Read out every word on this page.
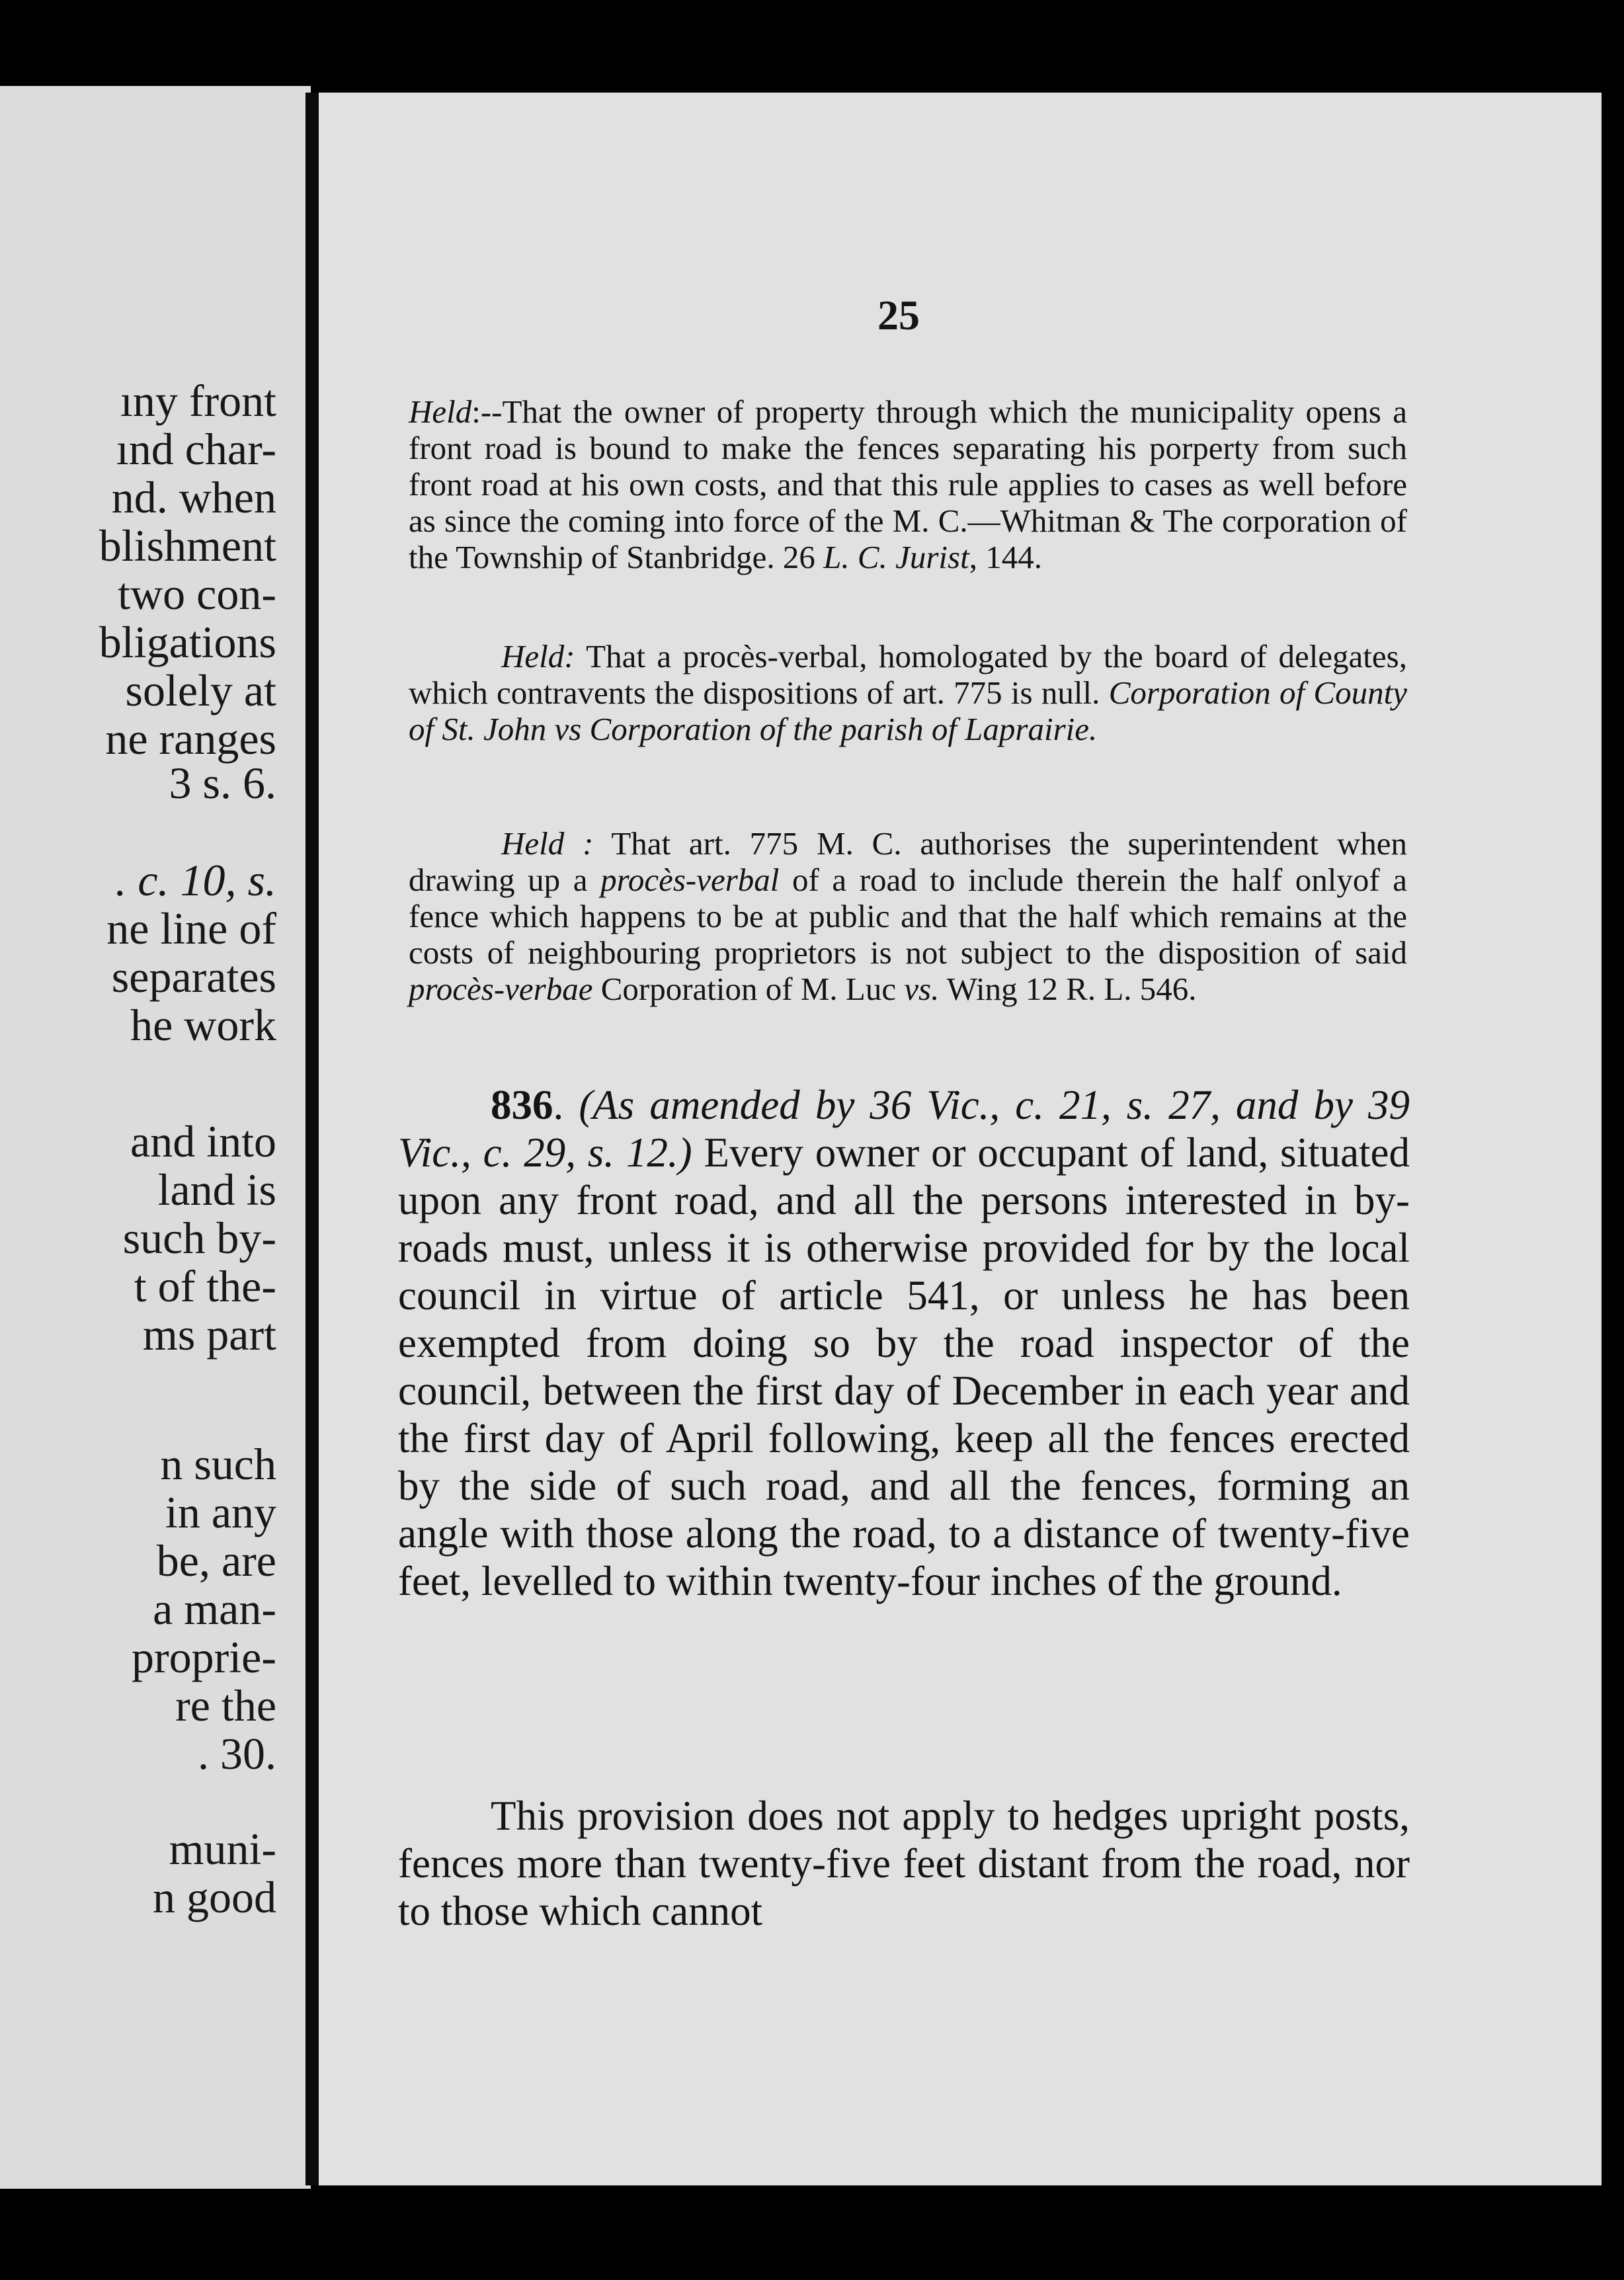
ıny front
ınd char-
nd. when
blishment
two con-
bligations
solely at
ne ranges
3 s. 6.
. c. 10, s.
ne line of
separates
he work
and into
land is
such by-
t of the-
ms part
n such
in any
be, are
a man-
proprie-
re the
. 30.
muni-
n good
25

Held:--That the owner of property through which the municipality opens a front road is bound to make the fences separating his porperty from such front road at his own costs, and that this rule applies to cases as well before as since the coming into force of the M. C.—Whitman & The corporation of the Township of Stanbridge. 26 L. C. Jurist, 144.

Held: That a procès-verbal, homologated by the board of delegates, which contravents the dispositions of art. 775 is null. Corporation of County of St. John vs Corporation of the parish of Laprairie.

Held : That art. 775 M. C. authorises the superintendent when drawing up a procès-verbal of a road to include therein the half onlyof a fence which happens to be at public and that the half which remains at the costs of neighbouring proprietors is not subject to the disposition of said procès-verbae Corporation of M. Luc vs. Wing 12 R. L. 546.

836. (As amended by 36 Vic., c. 21, s. 27, and by 39 Vic., c. 29, s. 12.) Every owner or occupant of land, situated upon any front road, and all the persons interested in by-roads must, unless it is otherwise provided for by the local council in virtue of article 541, or unless he has been exempted from doing so by the road inspector of the council, between the first day of December in each year and the first day of April following, keep all the fences erected by the side of such road, and all the fences, forming an angle with those along the road, to a distance of twenty-five feet, levelled to within twenty-four inches of the ground.

This provision does not apply to hedges upright posts, fences more than twenty-five feet distant from the road, nor to those which cannot
